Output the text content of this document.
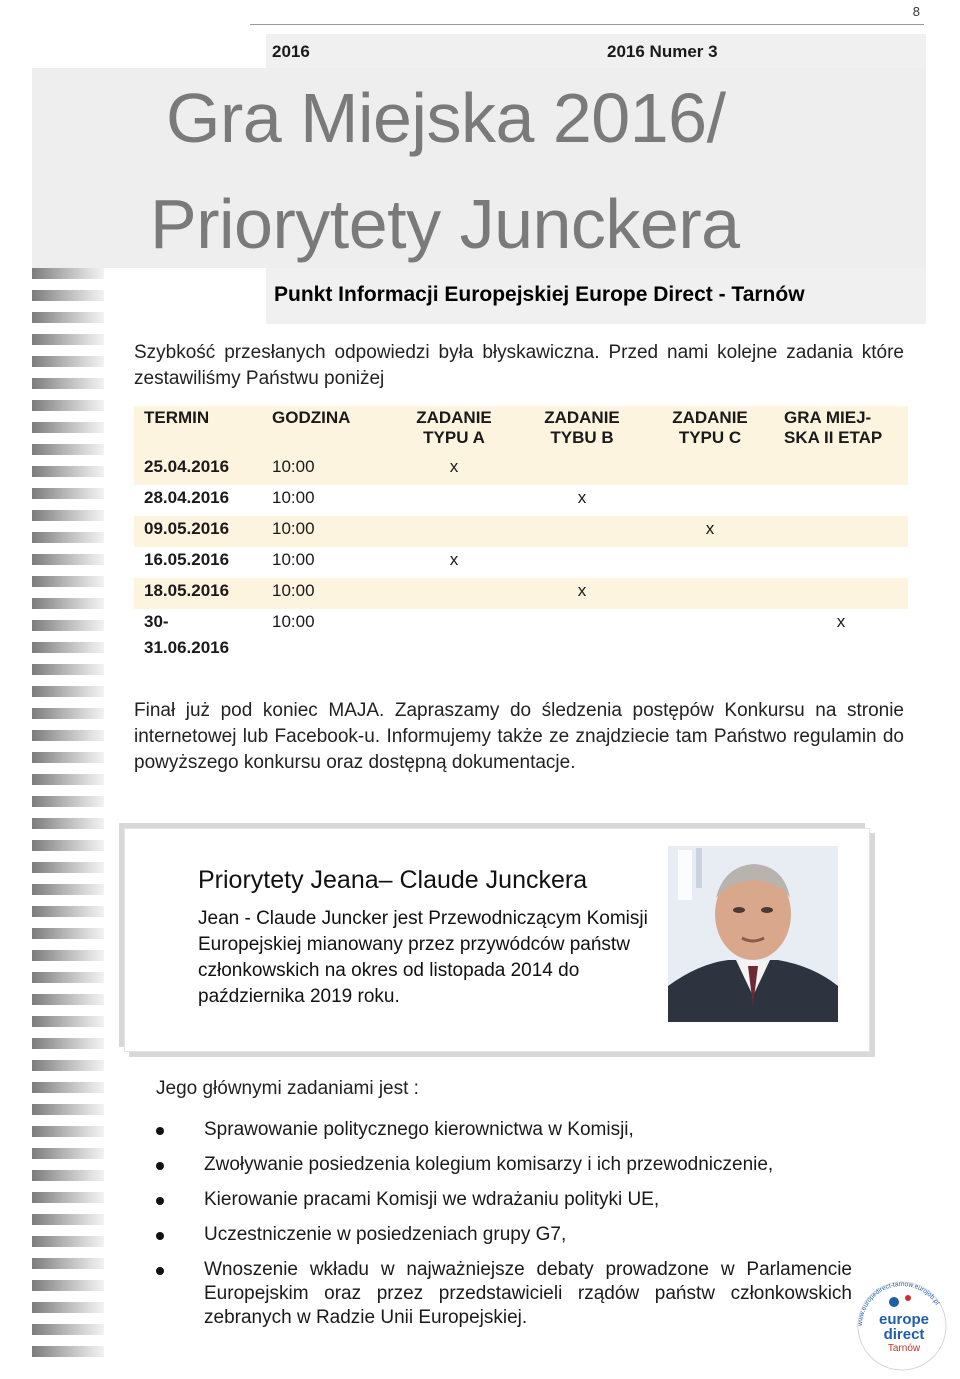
8
2016	2016 Numer 3
Gra Miejska 2016/
Priorytety Junckera
Punkt Informacji Europejskiej Europe Direct - Tarnów
Szybkość przesłanych odpowiedzi była błyskawiczna. Przed nami kolejne zadania które zestawiliśmy Państwu poniżej
TERMIN	GODZINA	ZADANIE TYPU A	ZADANIE TYBU B	ZADANIE TYPU C	GRA MIEJ-SKA II ETAP
25.04.2016	10:00	x			
28.04.2016	10:00		x		
09.05.2016	10:00			x	
16.05.2016	10:00	x			
18.05.2016	10:00		x		
30-31.06.2016	10:00				x
Finał już pod koniec MAJA. Zapraszamy do śledzenia postępów Konkursu na stronie internetowej lub Facebook-u. Informujemy także ze znajdziecie tam Państwo regulamin do powyższego konkursu oraz dostępną dokumentacje.
Priorytety Jeana– Claude Junckera
Jean - Claude Juncker jest Przewodniczącym Komisji Europejskiej mianowany przez przywódców państw członkowskich na okres od listopada 2014 do października 2019 roku.
Jego głównymi zadaniami jest :
Sprawowanie politycznego kierownictwa w Komisji,
Zwoływanie posiedzenia kolegium komisarzy i ich przewodniczenie,
Kierowanie pracami Komisji we wdrażaniu polityki UE,
Uczestniczenie w posiedzeniach grupy G7,
Wnoszenie wkładu w najważniejsze debaty prowadzone w Parlamencie Europejskim oraz przez przedstawicieli rządów państw członkowskich zebranych w Radzie Unii Europejskiej.	www.europedirect-tarnow.eurojob.pl
europe
direct
Tarnów
